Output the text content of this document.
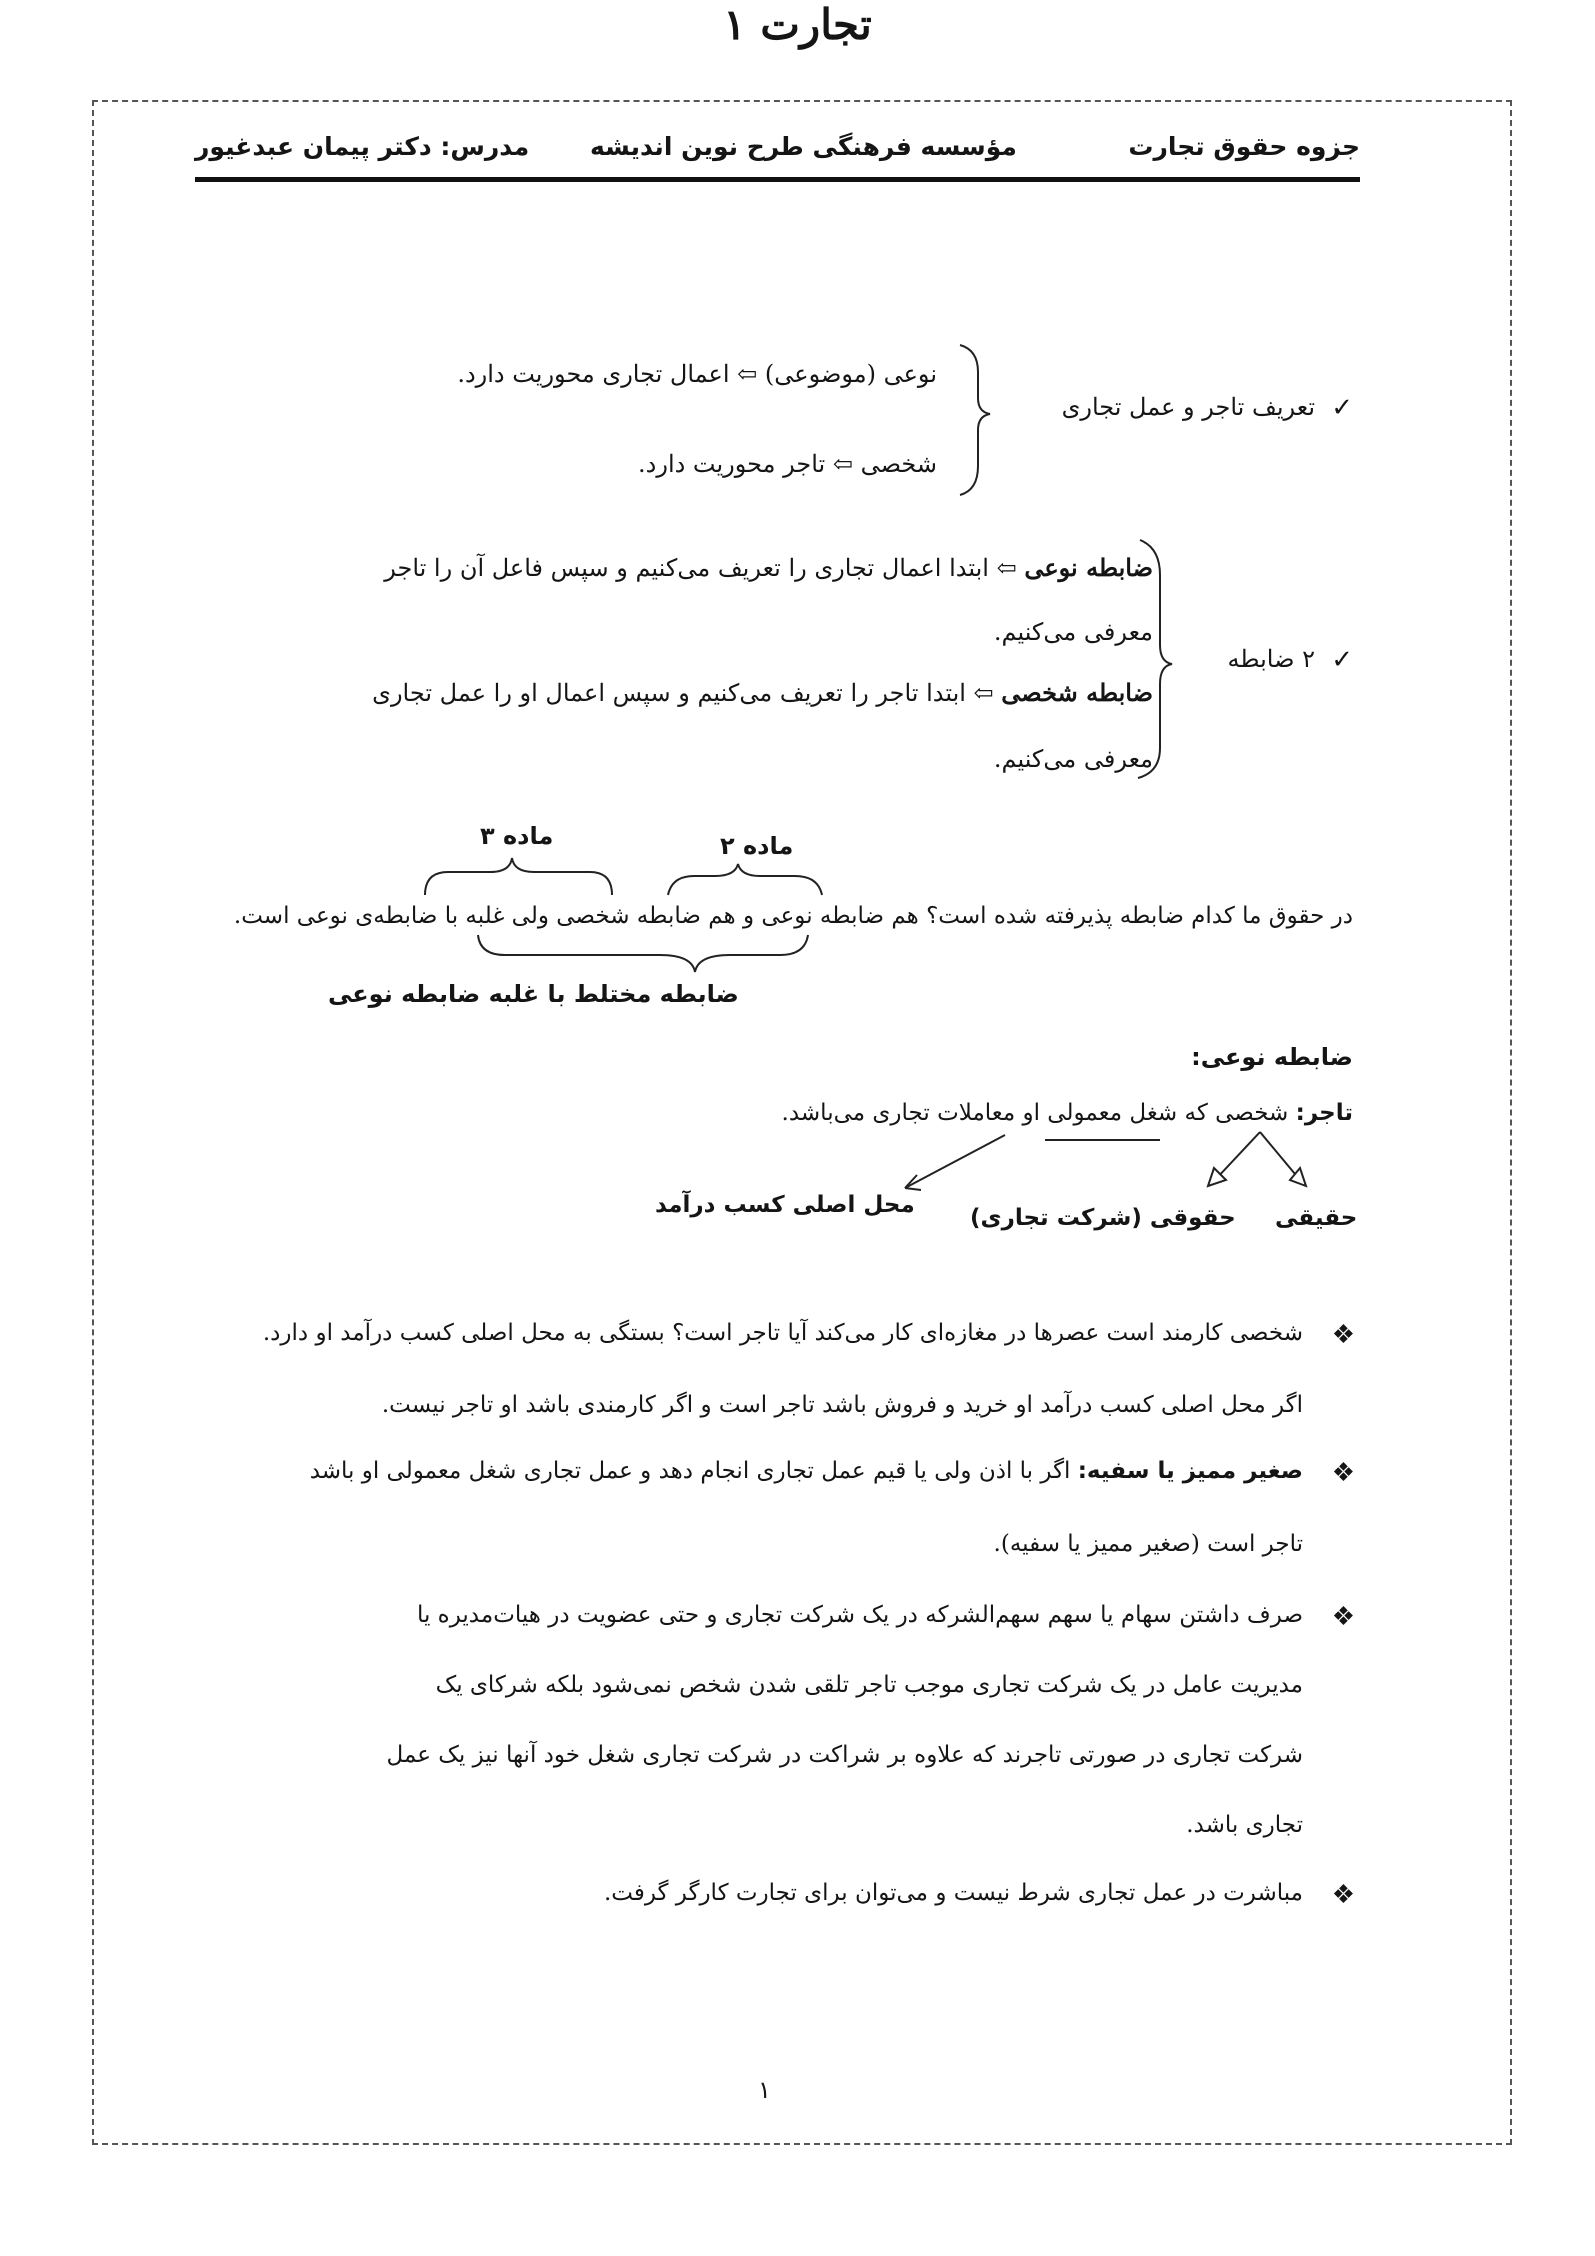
جزوه حقوق تجارت
مؤسسه فرهنگی طرح نوین اندیشه
مدرس: دکتر پیمان عبدغیور
تجارت ۱
✓
تعریف تاجر و عمل تجاری
نوعی (موضوعی) ⇦ اعمال تجاری محوریت دارد.
شخصی ⇦ تاجر محوریت دارد.
✓
۲ ضابطه
ضابطه نوعی ⇦ ابتدا اعمال تجاری را تعریف می‌کنیم و سپس فاعل آن را تاجر
معرفی می‌کنیم.
ضابطه شخصی ⇦ ابتدا تاجر را تعریف می‌کنیم و سپس اعمال او را عمل تجاری
معرفی می‌کنیم.
ماده ۳	ماده ۲
در حقوق ما کدام ضابطه پذیرفته شده است؟ هم ضابطه نوعی و هم ضابطه شخصی ولی غلبه با ضابطه‌ی نوعی است.
ضابطه مختلط با غلبه ضابطه نوعی
ضابطه نوعی:
تاجر: شخصی که شغل معمولی او معاملات تجاری می‌باشد.
حقیقی
حقوقی (شرکت تجاری)
محل اصلی کسب درآمد
❖
شخصی کارمند است عصرها در مغازه‌ای کار می‌کند آیا تاجر است؟ بستگی به محل اصلی کسب درآمد او دارد.
اگر محل اصلی کسب درآمد او خرید و فروش باشد تاجر است و اگر کارمندی باشد او تاجر نیست.
❖
صغیر ممیز یا سفیه: اگر با اذن ولی یا قیم عمل تجاری انجام دهد و عمل تجاری شغل معمولی او باشد
تاجر است (صغیر ممیز یا سفیه).
❖
صرف داشتن سهام یا سهم سهم‌الشرکه در یک شرکت تجاری و حتی عضویت در هیات‌مدیره یا
مدیریت عامل در یک شرکت تجاری موجب تاجر تلقی شدن شخص نمی‌شود بلکه شرکای یک
شرکت تجاری در صورتی تاجرند که علاوه بر شراکت در شرکت تجاری شغل خود آنها نیز یک عمل
تجاری باشد.
❖
مباشرت در عمل تجاری شرط نیست و می‌توان برای تجارت کارگر گرفت.
۱
